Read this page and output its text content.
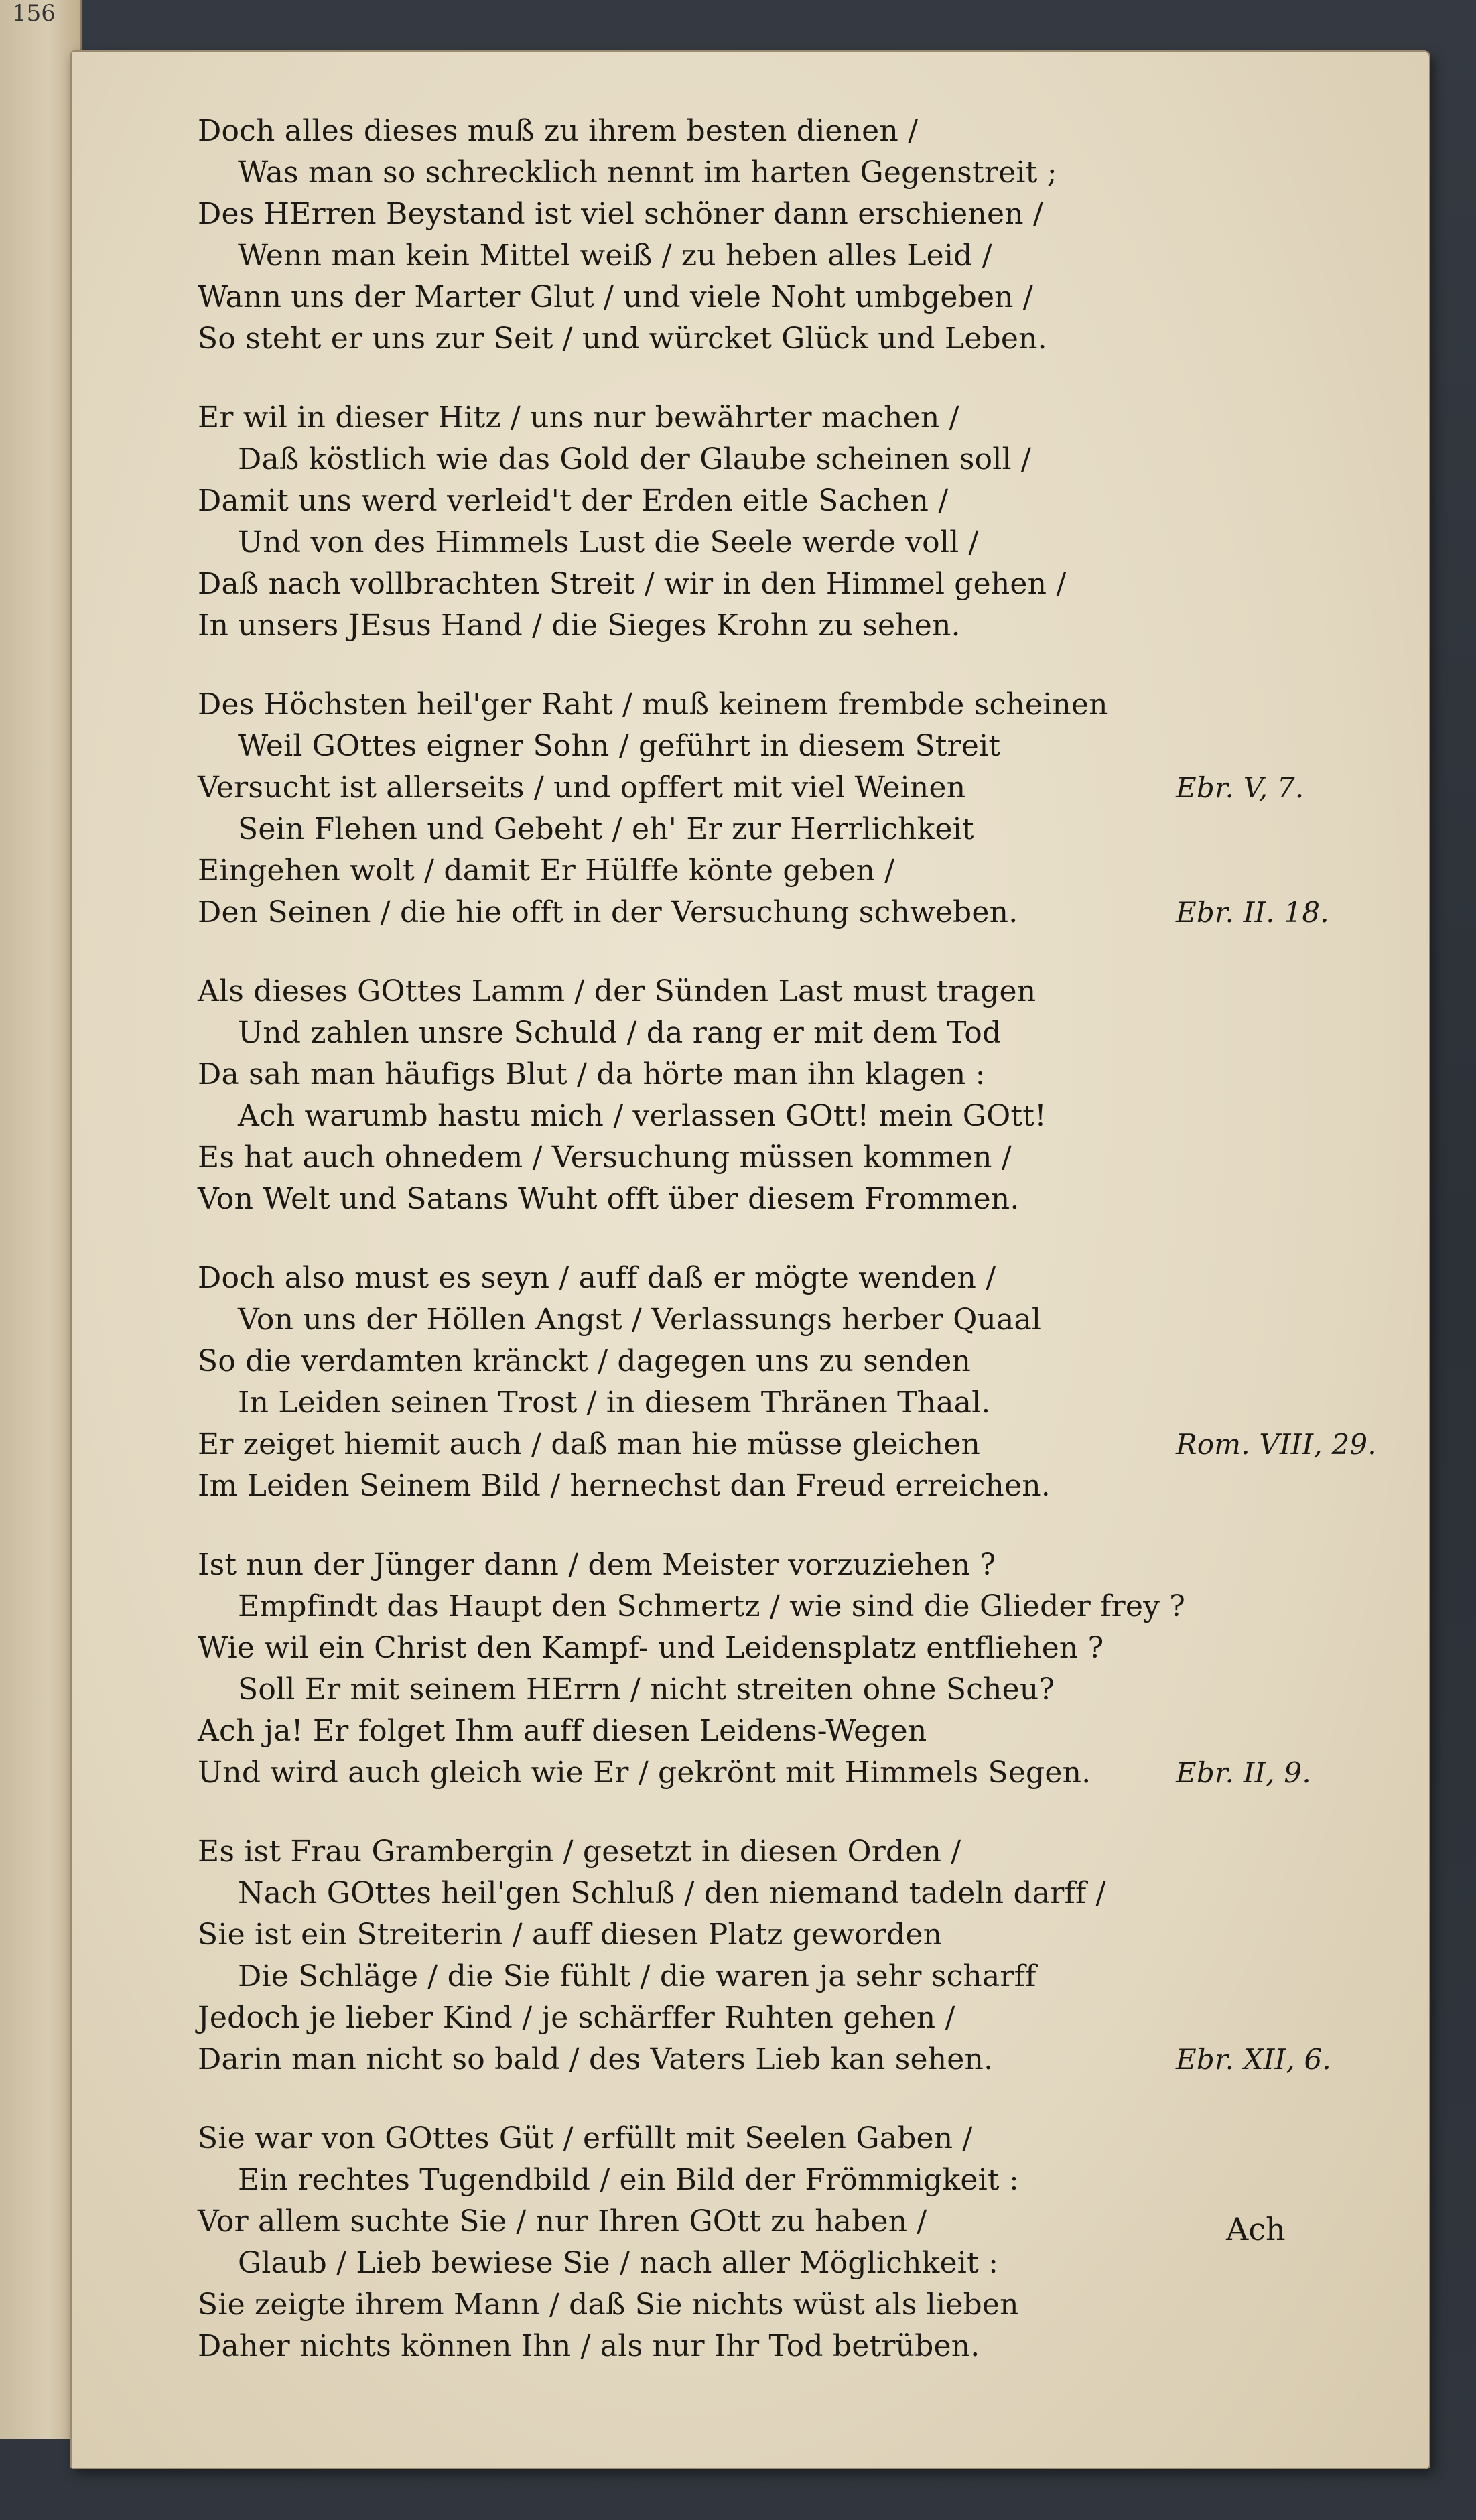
156
Doch alles dieses muß zu ihrem besten dienen /
Was man so schrecklich nennt im harten Gegenstreit ;
Des HErren Beystand ist viel schöner dann erschienen /
Wenn man kein Mittel weiß / zu heben alles Leid /
Wann uns der Marter Glut / und viele Noht umbgeben /
So steht er uns zur Seit / und würcket Glück und Leben.
Er wil in dieser Hitz / uns nur bewährter machen /
Daß köstlich wie das Gold der Glaube scheinen soll /
Damit uns werd verleid't der Erden eitle Sachen /
Und von des Himmels Lust die Seele werde voll /
Daß nach vollbrachten Streit / wir in den Himmel gehen /
In unsers JEsus Hand / die Sieges Krohn zu sehen.
Des Höchsten heil'ger Raht / muß keinem frembde scheinen
Weil GOttes eigner Sohn / geführt in diesem Streit
Versucht ist allerseits / und opffert mit viel Weinen	Ebr. V, 7.
Sein Flehen und Gebeht / eh' Er zur Herrlichkeit
Eingehen wolt / damit Er Hülffe könte geben /
Den Seinen / die hie offt in der Versuchung schweben.	Ebr. II. 18.
Als dieses GOttes Lamm / der Sünden Last must tragen
Und zahlen unsre Schuld / da rang er mit dem Tod
Da sah man häufigs Blut / da hörte man ihn klagen :
Ach warumb hastu mich / verlassen GOtt! mein GOtt!
Es hat auch ohnedem / Versuchung müssen kommen /
Von Welt und Satans Wuht offt über diesem Frommen.
Doch also must es seyn / auff daß er mögte wenden /
Von uns der Höllen Angst / Verlassungs herber Quaal
So die verdamten kränckt / dagegen uns zu senden
In Leiden seinen Trost / in diesem Thränen Thaal.
Er zeiget hiemit auch / daß man hie müsse gleichen	Rom. VIII, 29.
Im Leiden Seinem Bild / hernechst dan Freud erreichen.
Ist nun der Jünger dann / dem Meister vorzuziehen ?
Empfindt das Haupt den Schmertz / wie sind die Glieder frey ?
Wie wil ein Christ den Kampf- und Leidensplatz entfliehen ?
Soll Er mit seinem HErrn / nicht streiten ohne Scheu?
Ach ja! Er folget Ihm auff diesen Leidens-Wegen
Und wird auch gleich wie Er / gekrönt mit Himmels Segen.	Ebr. II, 9.
Es ist Frau Grambergin / gesetzt in diesen Orden /
Nach GOttes heil'gen Schluß / den niemand tadeln darff /
Sie ist ein Streiterin / auff diesen Platz geworden
Die Schläge / die Sie fühlt / die waren ja sehr scharff
Jedoch je lieber Kind / je schärffer Ruhten gehen /
Darin man nicht so bald / des Vaters Lieb kan sehen.	Ebr. XII, 6.
Sie war von GOttes Güt / erfüllt mit Seelen Gaben /
Ein rechtes Tugendbild / ein Bild der Frömmigkeit :
Vor allem suchte Sie / nur Ihren GOtt zu haben /
Glaub / Lieb bewiese Sie / nach aller Möglichkeit :
Sie zeigte ihrem Mann / daß Sie nichts wüst als lieben
Daher nichts können Ihn / als nur Ihr Tod betrüben.
Ach
